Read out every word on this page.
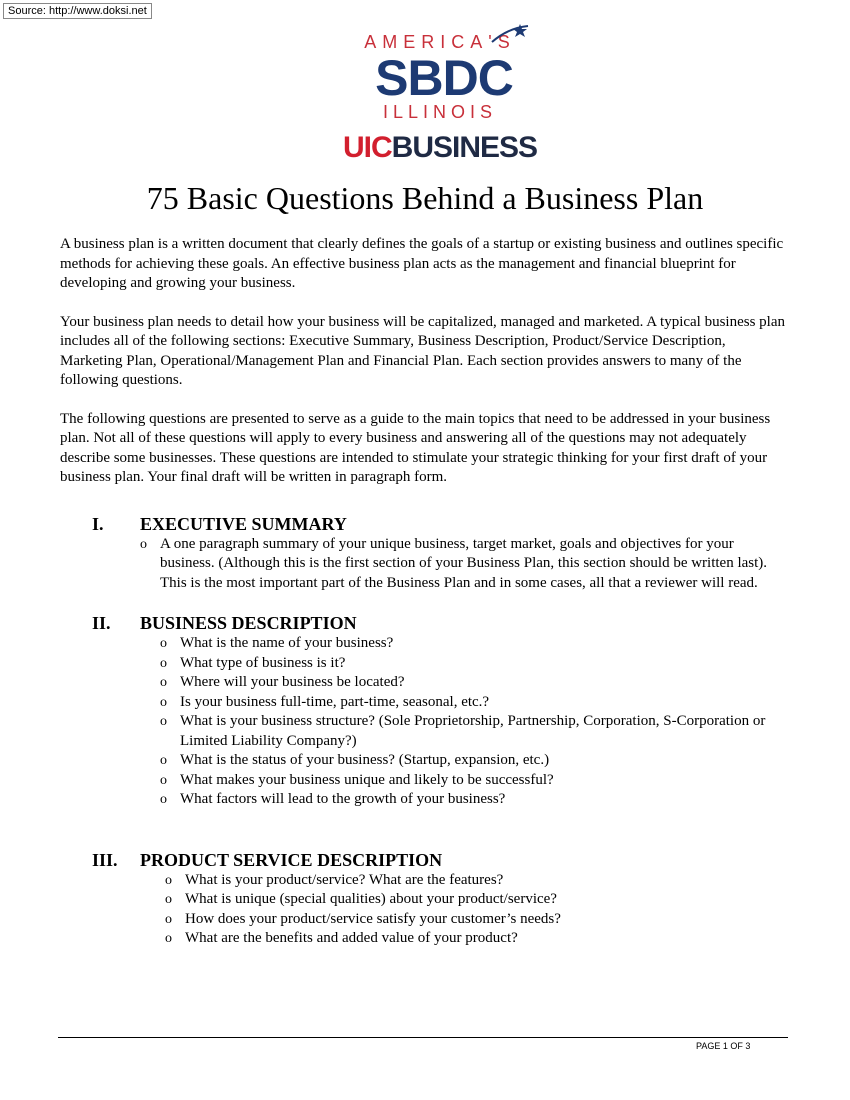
Source: http://www.doksi.net
AMERICA'S
SBDC
ILLINOIS
UICBUSINESS
75 Basic Questions Behind a Business Plan

A business plan is a written document that clearly defines the goals of a startup or existing business and outlines specific methods for achieving these goals. An effective business plan acts as the management and financial blueprint for developing and growing your business.

Your business plan needs to detail how your business will be capitalized, managed and marketed. A typical business plan includes all of the following sections: Executive Summary, Business Description, Product/Service Description, Marketing Plan, Operational/Management Plan and Financial Plan. Each section provides answers to many of the following questions.

The following questions are presented to serve as a guide to the main topics that need to be addressed in your business plan. Not all of these questions will apply to every business and answering all of the questions may not adequately describe some businesses. These questions are intended to stimulate your strategic thinking for your first draft of your business plan. Your final draft will be written in paragraph form.

I.	EXECUTIVE SUMMARY
o A one paragraph summary of your unique business, target market, goals and objectives for your business. (Although this is the first section of your Business Plan, this section should be written last). This is the most important part of the Business Plan and in some cases, all that a reviewer will read.
II.	BUSINESS DESCRIPTION
o What is the name of your business?
o What type of business is it?
o Where will your business be located?
o Is your business full-time, part-time, seasonal, etc.?
o What is your business structure? (Sole Proprietorship, Partnership, Corporation, S-Corporation or Limited Liability Company?)
o What is the status of your business? (Startup, expansion, etc.)
o What makes your business unique and likely to be successful?
o What factors will lead to the growth of your business?
III.	PRODUCT SERVICE DESCRIPTION
o What is your product/service? What are the features?
o What is unique (special qualities) about your product/service?
o How does your product/service satisfy your customer’s needs?
o What are the benefits and added value of your product?
PAGE 1 OF 3
